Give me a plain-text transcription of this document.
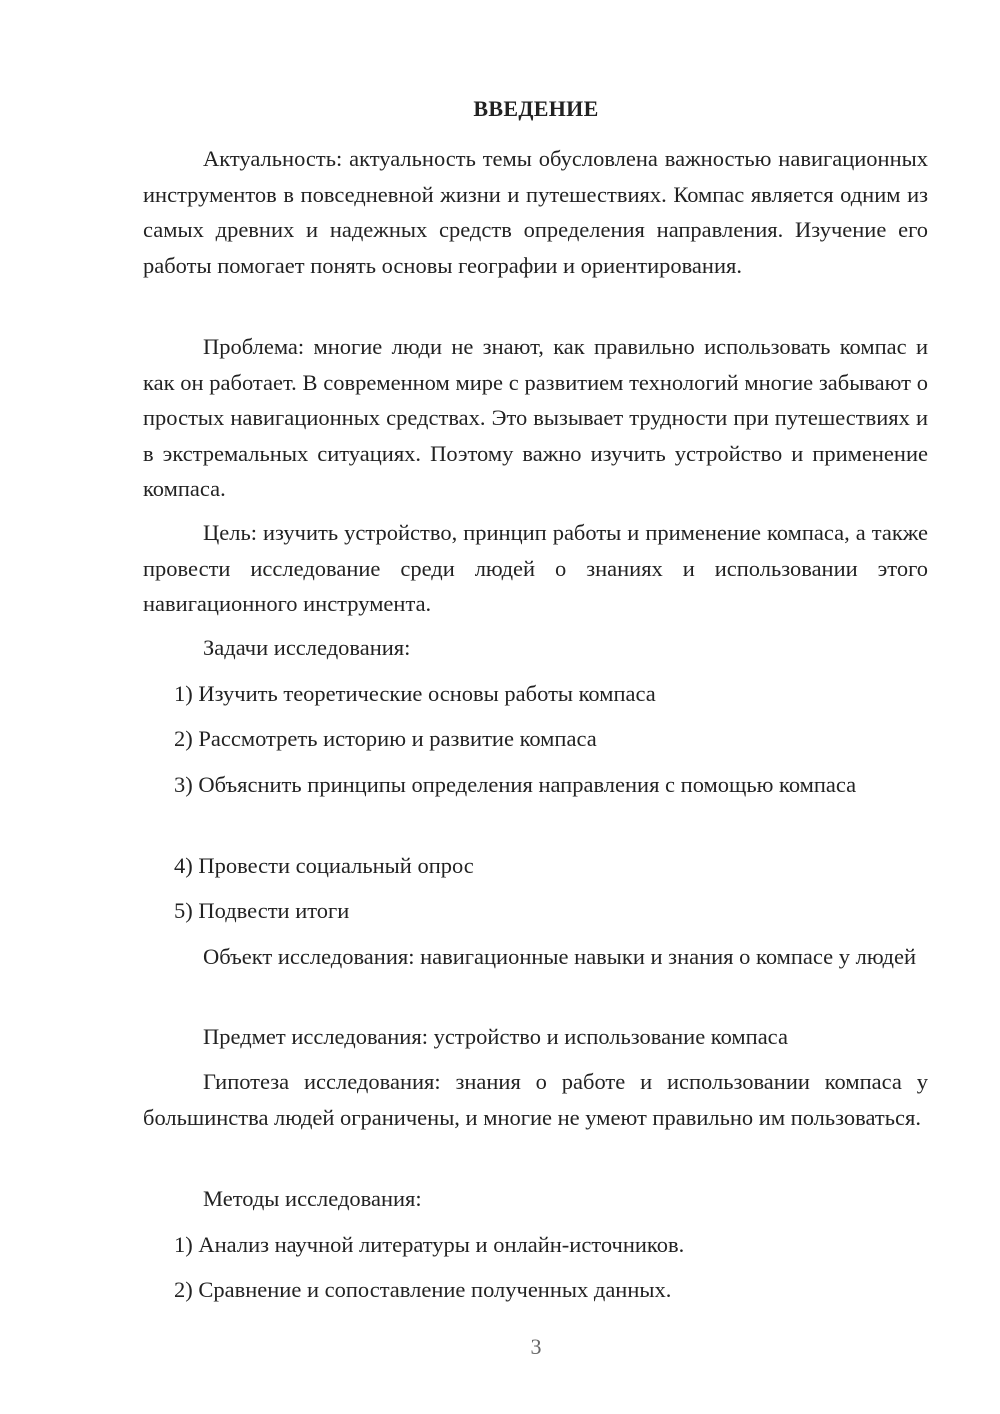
ВВЕДЕНИЕ
Актуальность: актуальность темы обусловлена важностью навигационных инструментов в повседневной жизни и путешествиях. Компас является одним из самых древних и надежных средств определения направления. Изучение его работы помогает понять основы географии и ориентирования.
Проблема: многие люди не знают, как правильно использовать компас и как он работает. В современном мире с развитием технологий многие забывают о простых навигационных средствах. Это вызывает трудности при путешествиях и в экстремальных ситуациях. Поэтому важно изучить устройство и применение компаса.
Цель: изучить устройство, принцип работы и применение компаса, а также провести исследование среди людей о знаниях и использовании этого навигационного инструмента.
Задачи исследования:
1) Изучить теоретические основы работы компаса
2) Рассмотреть историю и развитие компаса
3) Объяснить принципы определения направления с помощью компаса
4) Провести социальный опрос
5) Подвести итоги
Объект исследования: навигационные навыки и знания о компасе у людей
Предмет исследования: устройство и использование компаса
Гипотеза исследования: знания о работе и использовании компаса у большинства людей ограничены, и многие не умеют правильно им пользоваться.
Методы исследования:
1) Анализ научной литературы и онлайн-источников.
2) Сравнение и сопоставление полученных данных.
3
